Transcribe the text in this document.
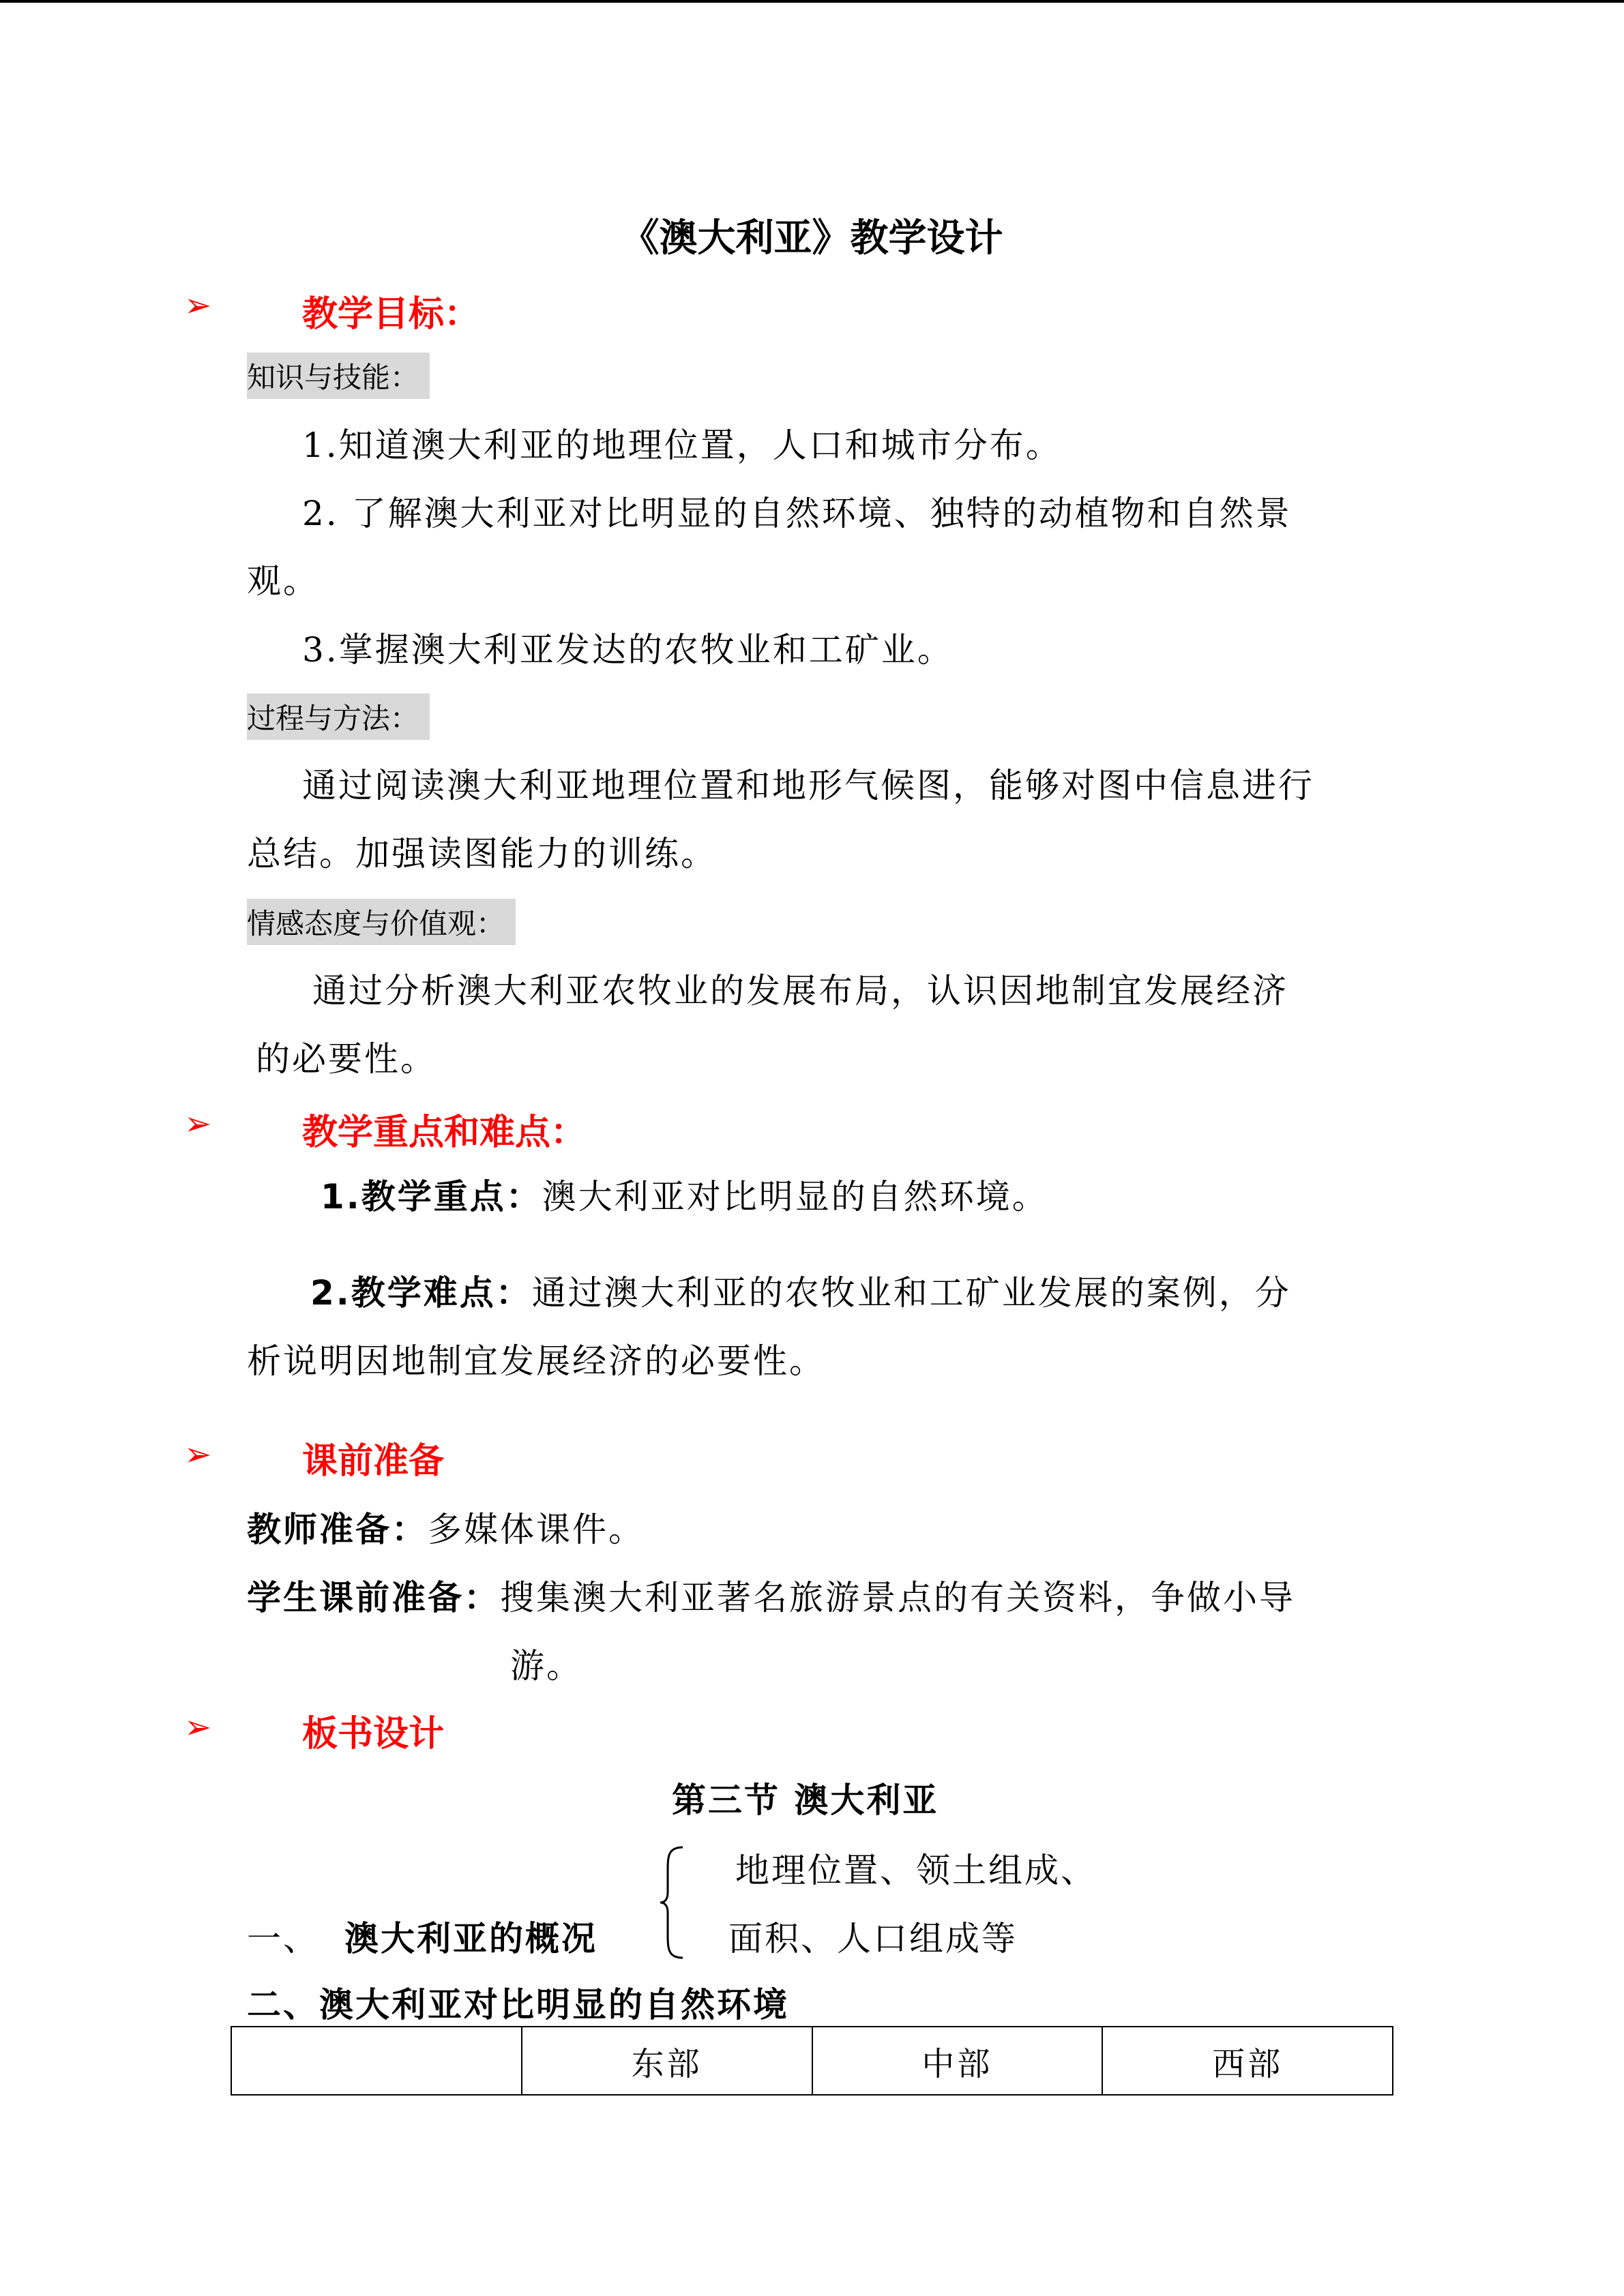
《澳大利亚》教学设计
➢	教学目标：
知识与技能：
1.知道澳大利亚的地理位置，人口和城市分布。
2. 了解澳大利亚对比明显的自然环境、独特的动植物和自然景
观。
3.掌握澳大利亚发达的农牧业和工矿业。
过程与方法：
通过阅读澳大利亚地理位置和地形气候图，能够对图中信息进行
总结。加强读图能力的训练。
情感态度与价值观：
通过分析澳大利亚农牧业的发展布局，认识因地制宜发展经济
的必要性。
➢	教学重点和难点：
1.教学重点：澳大利亚对比明显的自然环境。
2.教学难点：通过澳大利亚的农牧业和工矿业发展的案例，分
析说明因地制宜发展经济的必要性。
➢	课前准备
教师准备：多媒体课件。
学生课前准备：搜集澳大利亚著名旅游景点的有关资料，争做小导
游。
➢	板书设计
第三节 澳大利亚
地理位置、领土组成、
一、 澳大利亚的概况	面积、人口组成等
二、澳大利亚对比明显的自然环境
	东部	中部	西部
